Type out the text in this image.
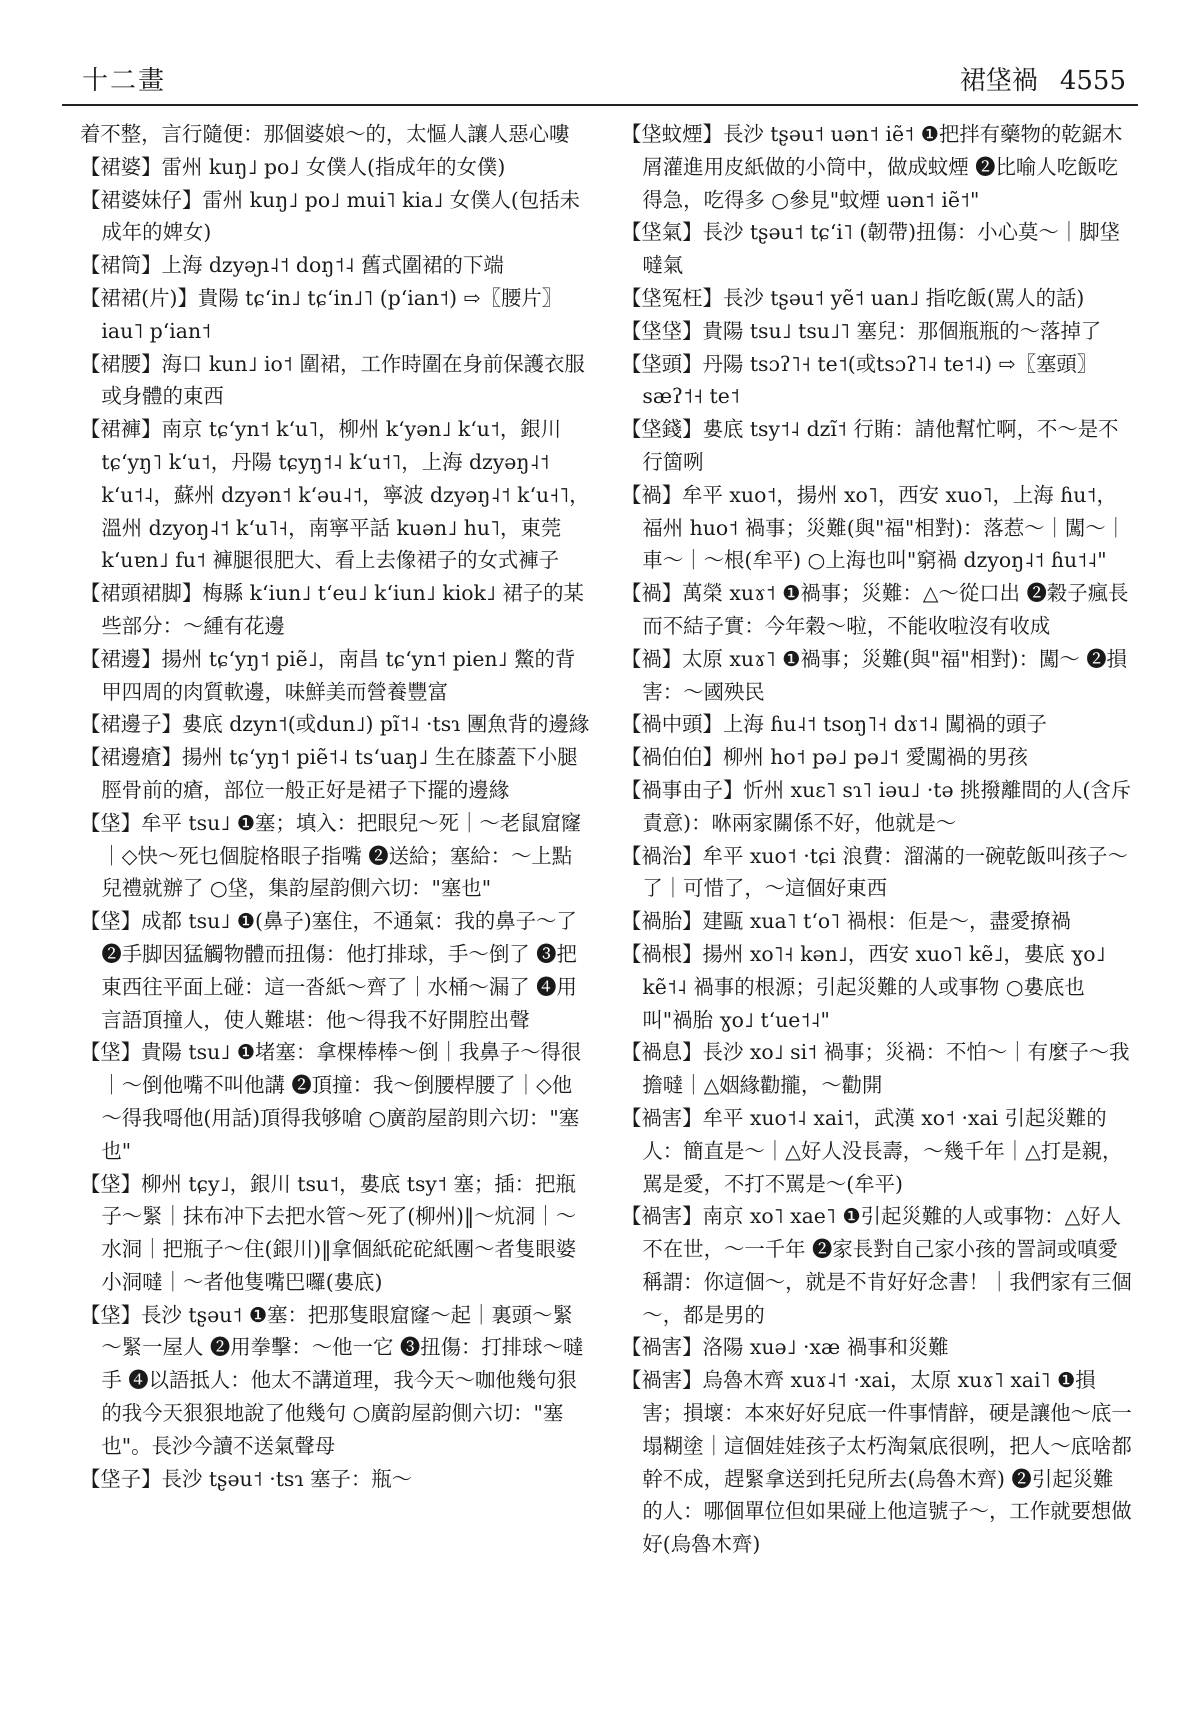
十二畫	裙垡禍 4555

着不整，言行隨便：那個婆娘～的，太慪人讓人惡心嘍

【裙婆】雷州 kuŋ˩ po˩ 女僕人(指成年的女僕)

【裙婆妹仔】雷州 kuŋ˩ po˩ mui˥ kia˩ 女僕人(包括未成年的婢女)

【裙筒】上海 dzyəɲ˨˦ doŋ˦˨ 舊式圍裙的下端

【裙裙(片)】貴陽 tɕʻin˩ tɕʻin˩˥ (pʻian˦) ⇨〖腰片〗iau˥ pʻian˦

【裙腰】海口 kun˩ io˦ 圍裙，工作時圍在身前保護衣服或身體的東西

【裙褲】南京 tɕʻyn˦ kʻu˥，柳州 kʻyən˩ kʻu˦，銀川 tɕʻyŋ˥ kʻu˦，丹陽 tɕyŋ˦˨ kʻu˦˥，上海 dzyəŋ˨˦ kʻu˦˨，蘇州 dzyən˦ kʻəu˨˦，寧波 dzyəŋ˨˦ kʻu˧˥，溫州 dzyoŋ˨˦ kʻu˥˧，南寧平話 kuən˩ hu˥，東莞 kʻuɐn˩ fu˦ 褲腿很肥大、看上去像裙子的女式褲子

【裙頭裙脚】梅縣 kʻiun˩ tʻeu˩ kʻiun˩ kiok˩ 裙子的某些部分：～緟有花邊

【裙邊】揚州 tɕʻyŋ˦ piẽ˩，南昌 tɕʻyn˦ pien˩ 鱉的背甲四周的肉質軟邊，味鮮美而營養豐富

【裙邊子】婁底 dzyn˦(或dun˩) pĩ˦˨ ·tsɿ 團魚背的邊緣

【裙邊瘡】揚州 tɕʻyŋ˦ piẽ˦˨ tsʻuaŋ˩ 生在膝蓋下小腿脛骨前的瘡，部位一般正好是裙子下擺的邊緣

【垡】牟平 tsu˩ ❶塞；填入：把眼兒～死｜～老鼠窟窿｜◇快～死乜個腚格眼子指嘴 ❷送給；塞給：～上點兒禮就辦了 ○垡，集韵屋韵側六切："塞也"

【垡】成都 tsu˩ ❶(鼻子)塞住，不通氣：我的鼻子～了 ❷手脚因猛觸物體而扭傷：他打排球，手～倒了 ❸把東西往平面上碰：這一沓紙～齊了｜水桶～漏了 ❹用言語頂撞人，使人難堪：他～得我不好開腔出聲

【垡】貴陽 tsu˩ ❶堵塞：拿棵棒棒～倒｜我鼻子～得很｜～倒他嘴不叫他講 ❷頂撞：我～倒腰桿腰了｜◇他～得我𠹭他(用話)頂得我够嗆 ○廣韵屋韵則六切："塞也"

【垡】柳州 tɕy˩，銀川 tsu˦，婁底 tsy˦ 塞；插：把瓶子～緊｜抹布冲下去把水管～死了(柳州)‖～炕洞｜～水洞｜把瓶子～住(銀川)‖拿個紙砣砣紙團～者隻眼婆小洞噠｜～者他隻嘴巴囉(婁底)

【垡】長沙 tʂəu˦ ❶塞：把那隻眼窟窿～起｜裏頭～緊～緊一屋人 ❷用拳擊：～他一它 ❸扭傷：打排球～噠手 ❹以語抵人：他太不講道理，我今天～咖他幾句狠的我今天狠狠地說了他幾句 ○廣韵屋韵側六切："塞也"。長沙今讀不送氣聲母

【垡子】長沙 tʂəu˦ ·tsɿ 塞子：瓶～

【垡蚊煙】長沙 tʂəu˦ uən˦ iẽ˦ ❶把拌有藥物的乾鋸木屑灌進用皮紙做的小筒中，做成蚊煙 ❷比喻人吃飯吃得急，吃得多 ○參見"蚊煙 uən˦ iẽ˦"

【垡氣】長沙 tʂəu˦ tɕʻi˥ (韌帶)扭傷：小心莫～｜脚垡噠氣

【垡冤枉】長沙 tʂəu˦ yẽ˦ uan˩ 指吃飯(駡人的話)

【垡垡】貴陽 tsu˩ tsu˩˥ 塞兒：那個瓶瓶的～落掉了

【垡頭】丹陽 tsɔʔ˥˧ te˦(或tsɔʔ˥˨ te˦˨) ⇨〖塞頭〗sæʔ˦˧ te˦

【垡錢】婁底 tsy˦˨ dzĩ˦ 行賄：請他幫忙啊，不～是不行箇咧

【禍】牟平 xuo˦，揚州 xo˥，西安 xuo˥，上海 ɦu˦，福州 huo˦ 禍事；災難(與"福"相對)：落惹～｜闖～｜車～｜～根(牟平) ○上海也叫"窮禍 dzyoŋ˨˦ ɦu˦˨"

【禍】萬榮 xuɤ˦ ❶禍事；災難：△～從口出 ❷穀子瘋長而不結子實：今年穀～啦，不能收啦沒有收成

【禍】太原 xuɤ˥ ❶禍事；災難(與"福"相對)：闖～ ❷損害：～國殃民

【禍中頭】上海 ɦu˨˦ tsoŋ˥˧ dɤ˦˨ 闖禍的頭子

【禍伯伯】柳州 ho˦ pə˩ pə˩˦ 愛闖禍的男孩

【禍事由子】忻州 xuɛ˥ sɿ˥ iəu˩ ·tə 挑撥離間的人(含斥責意)：咻兩家關係不好，他就是～

【禍治】牟平 xuo˦ ·tɕi 浪費：溜滿的一碗乾飯叫孩子～了｜可惜了，～這個好東西

【禍胎】建甌 xua˥ tʻo˥ 禍根：佢是～，盡愛撩禍

【禍根】揚州 xo˥˧ kən˩，西安 xuo˥ kẽ˩，婁底 ɣo˩ kẽ˦˨ 禍事的根源；引起災難的人或事物 ○婁底也叫"禍胎 ɣo˩ tʻue˦˨"

【禍息】長沙 xo˩ si˦ 禍事；災禍：不怕～｜有麼子～我擔噠｜△姻緣勸攏，～勸開

【禍害】牟平 xuo˦˨ xai˦，武漢 xo˦ ·xai 引起災難的人：簡直是～｜△好人没長壽，～幾千年｜△打是親，駡是愛，不打不駡是～(牟平)

【禍害】南京 xo˥ xae˥ ❶引起災難的人或事物：△好人不在世，～一千年 ❷家長對自己家小孩的詈詞或嗔愛稱謂：你這個～，就是不肯好好念書！｜我們家有三個～，都是男的

【禍害】洛陽 xuə˩ ·xæ 禍事和災難

【禍害】烏魯木齊 xuɤ˨˦ ·xai，太原 xuɤ˥ xai˥ ❶損害；損壞：本來好好兒底一件事情辪，硬是讓他～底一塌糊塗｜這個娃娃孩子太朽淘氣底很咧，把人～底啥都幹不成，趕緊拿送到托兒所去(烏魯木齊) ❷引起災難的人：哪個單位但如果碰上他這號子～，工作就要想做好(烏魯木齊)
